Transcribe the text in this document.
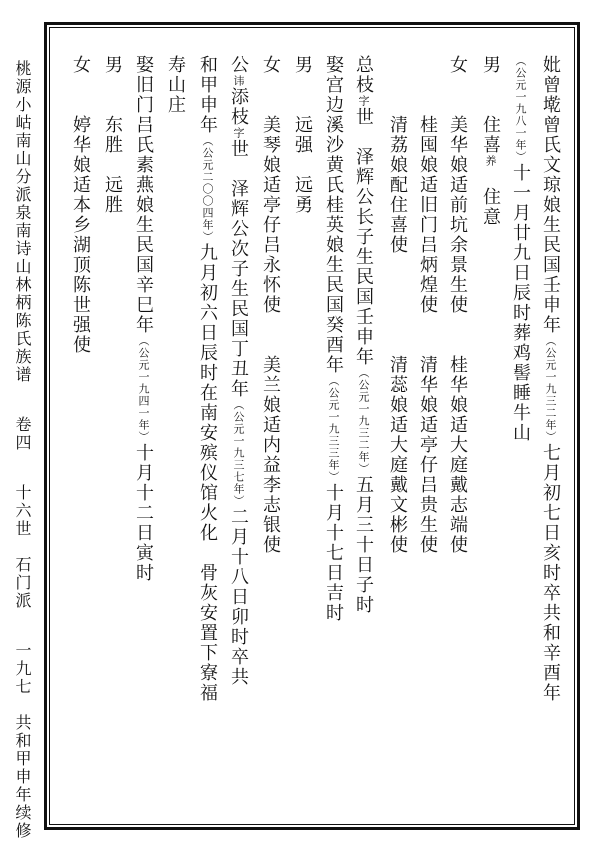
桃源小岵南山分派泉南诗山林柄陈氏族谱卷四十六世　石门派一九七　共和甲申年续修
妣曾墘曾氏文琼娘生民国壬申年（公元一九三二年）七月初七日亥时卒共和辛酉年
（公元一九八一年）十一月廿九日辰时葬鸡髻睡牛山
男　　住喜养　住意
女　　美华娘适前坑余景生使　　桂华娘适大庭戴志端使
　　　桂囤娘适旧门吕炳煌使　　清华娘适亭仔吕贵生使
　　　清荔娘配住喜使　　　　　清蕊娘适大庭戴文彬使
总枝字世　泽辉公长子生民国壬申年（公元一九三二年）五月三十日子时
娶宫边溪沙黄氏桂英娘生民国癸酉年（公元一九三三年）十月十七日吉时
男　　远强　远勇
女　　美琴娘适亭仔吕永怀使　　美兰娘适内益李志银使
公讳添枝字世　泽辉公次子生民国丁丑年（公元一九三七年）二月十八日卯时卒共
和甲申年（公元二〇〇四年）九月初六日辰时在南安殡仪馆火化　骨灰安置下寮福
寿山庄
娶旧门吕氏素燕娘生民国辛巳年（公元一九四一年）十月十二日寅时
男　　东胜　远胜
女　　婷华娘适本乡湖顶陈世强使
